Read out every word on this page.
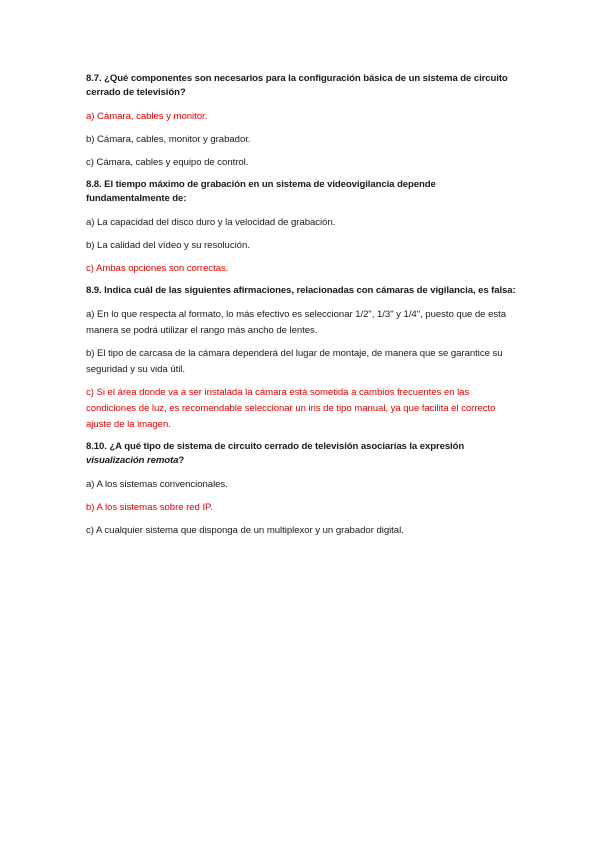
8.7. ¿Qué componentes son necesarios para la configuración básica de un sistema de circuito cerrado de televisión?

a) Cámara, cables y monitor.

b) Cámara, cables, monitor y grabador.

c) Cámara, cables y equipo de control.

8.8. El tiempo máximo de grabación en un sistema de videovigilancia depende fundamentalmente de:

a) La capacidad del disco duro y la velocidad de grabación.

b) La calidad del vídeo y su resolución.

c) Ambas opciones son correctas.

8.9. Indica cuál de las siguientes afirmaciones, relacionadas con cámaras de vigilancia, es falsa:

a) En lo que respecta al formato, lo más efectivo es seleccionar 1/2", 1/3" y 1/4", puesto que de esta manera se podrá utilizar el rango más ancho de lentes.

b) El tipo de carcasa de la cámara dependerá del lugar de montaje, de manera que se garantice su seguridad y su vida útil.

c) Si el área donde va a ser instalada la cámara está sometida a cambios frecuentes en las condiciones de luz, es recomendable seleccionar un iris de tipo manual, ya que facilita el correcto ajuste de la imagen.

8.10. ¿A qué tipo de sistema de circuito cerrado de televisión asociarías la expresión visualización remota?

a) A los sistemas convencionales.

b) A los sistemas sobre red IP.

c) A cualquier sistema que disponga de un multiplexor y un grabador digital.
